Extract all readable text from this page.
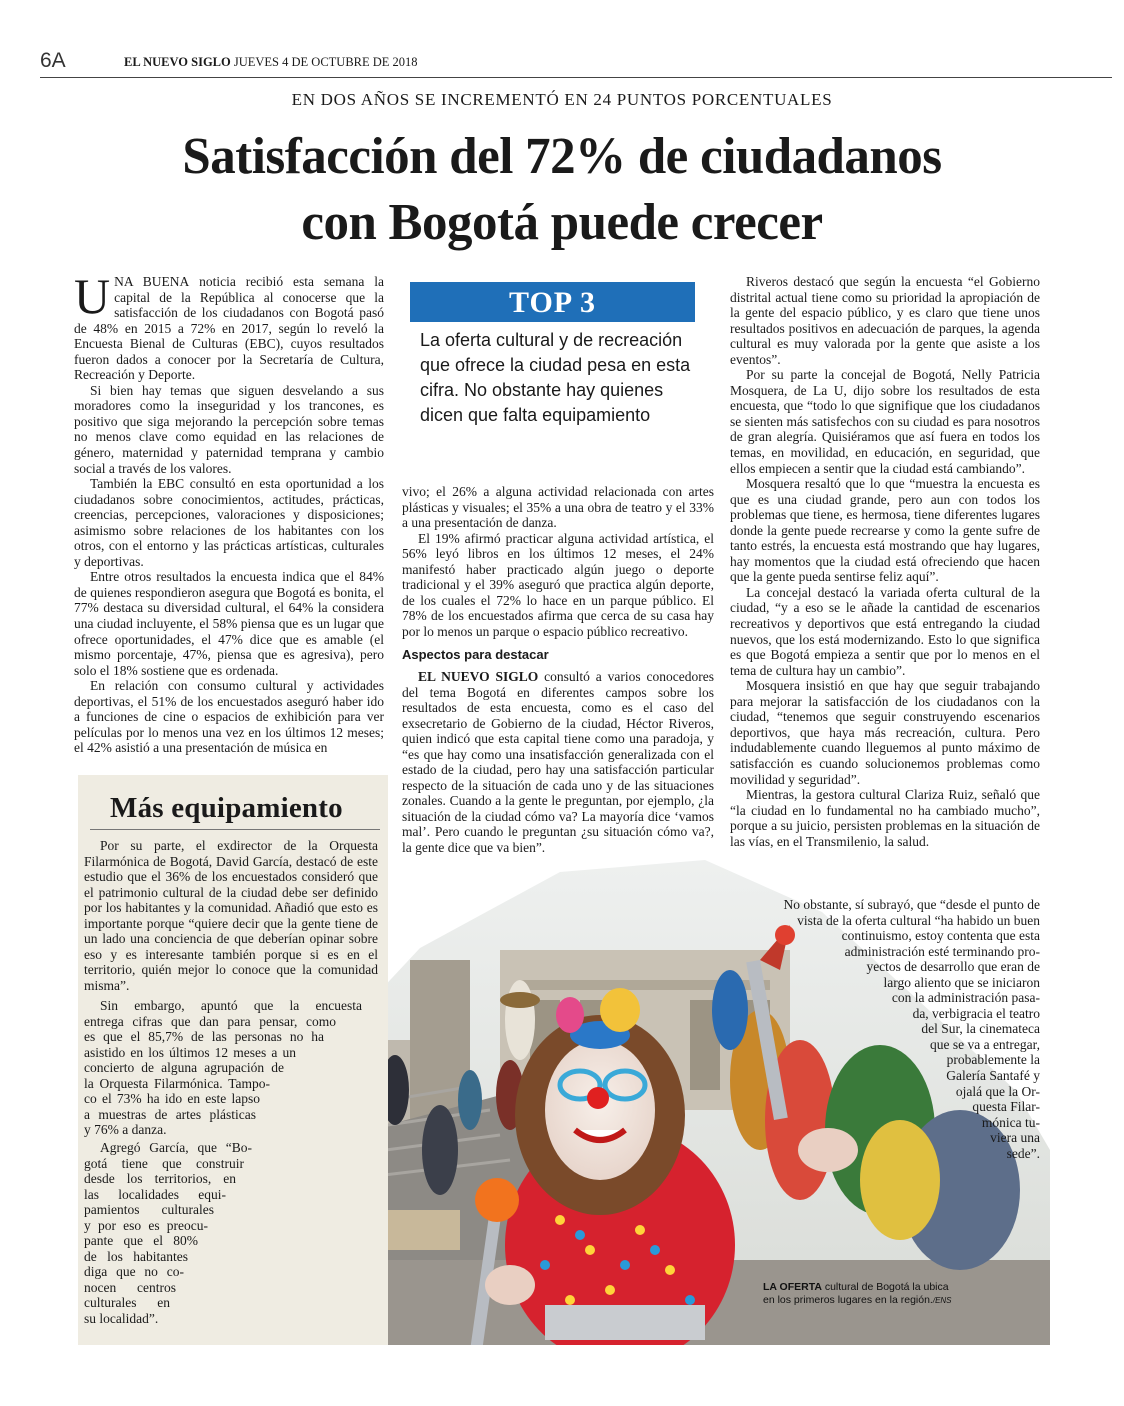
6A	EL NUEVO SIGLO JUEVES 4 DE OCTUBRE DE 2018
EN DOS AÑOS SE INCREMENTÓ EN 24 PUNTOS PORCENTUALES
Satisfacción del 72% de ciudadanos
con Bogotá puede crecer
Más equipamiento

UNA BUENA noticia recibió esta semana la capital de la República al conocerse que la satisfacción de los ciudadanos con Bogotá pasó de 48% en 2015 a 72% en 2017, según lo reveló la Encuesta Bienal de Culturas (EBC), cuyos resultados fueron dados a conocer por la Secretaría de Cultura, Recreación y Deporte.

Si bien hay temas que siguen desvelando a sus moradores como la inseguridad y los trancones, es positivo que siga mejorando la percepción sobre temas no menos clave como equidad en las relaciones de género, maternidad y paternidad temprana y cambio social a través de los valores.

También la EBC consultó en esta oportunidad a los ciudadanos sobre conocimientos, actitudes, prácticas, creencias, percepciones, valoraciones y disposiciones; asimismo sobre relaciones de los habitantes con los otros, con el entorno y las prácticas artísticas, culturales y deportivas.

Entre otros resultados la encuesta indica que el 84% de quienes respondieron asegura que Bogotá es bonita, el 77% destaca su diversidad cultural, el 64% la considera una ciudad incluyente, el 58% piensa que es un lugar que ofrece oportunidades, el 47% dice que es amable (el mismo porcentaje, 47%, piensa que es agresiva), pero solo el 18% sostiene que es ordenada.

En relación con consumo cultural y actividades deportivas, el 51% de los encuestados aseguró haber ido a funciones de cine o espacios de exhibición para ver películas por lo menos una vez en los últimos 12 meses; el 42% asistió a una presentación de música en

TOP 3
La oferta cultural y de recreación que ofrece la ciudad pesa en esta cifra. No obstante hay quienes dicen que falta equipamiento

vivo; el 26% a alguna actividad relacionada con artes plásticas y visuales; el 35% a una obra de teatro y el 33% a una presentación de danza.

El 19% afirmó practicar alguna actividad artística, el 56% leyó libros en los últimos 12 meses, el 24% manifestó haber practicado algún juego o deporte tradicional y el 39% aseguró que practica algún deporte, de los cuales el 72% lo hace en un parque público. El 78% de los encuestados afirma que cerca de su casa hay por lo menos un parque o espacio público recreativo.

Aspectos para destacar

EL NUEVO SIGLO consultó a varios conocedores del tema Bogotá en diferentes campos sobre los resultados de esta encuesta, como es el caso del exsecretario de Gobierno de la ciudad, Héctor Riveros, quien indicó que esta capital tiene como una paradoja, y “es que hay como una insatisfacción generalizada con el estado de la ciudad, pero hay una satisfacción particular respecto de la situación de cada uno y de las situaciones zonales. Cuando a la gente le preguntan, por ejemplo, ¿la situación de la ciudad cómo va? La mayoría dice ‘vamos mal’. Pero cuando le preguntan ¿su situación cómo va?, la gente dice que va bien”.

Riveros destacó que según la encuesta “el Gobierno distrital actual tiene como su prioridad la apropiación de la gente del espacio público, y es claro que tiene unos resultados positivos en adecuación de parques, la agenda cultural es muy valorada por la gente que asiste a los eventos”.

Por su parte la concejal de Bogotá, Nelly Patricia Mosquera, de La U, dijo sobre los resultados de esta encuesta, que “todo lo que signifique que los ciudadanos se sienten más satisfechos con su ciudad es para nosotros de gran alegría. Quisiéramos que así fuera en todos los temas, en movilidad, en educación, en seguridad, que ellos empiecen a sentir que la ciudad está cambiando”.

Mosquera resaltó que lo que “muestra la encuesta es que es una ciudad grande, pero aun con todos los problemas que tiene, es hermosa, tiene diferentes lugares donde la gente puede recrearse y como la gente sufre de tanto estrés, la encuesta está mostrando que hay lugares, hay momentos que la ciudad está ofreciendo que hacen que la gente pueda sentirse feliz aquí”.

La concejal destacó la variada oferta cultural de la ciudad, “y a eso se le añade la cantidad de escenarios recreativos y deportivos que está entregando la ciudad nuevos, que los está modernizando. Esto lo que significa es que Bogotá empieza a sentir que por lo menos en el tema de cultura hay un cambio”.

Mosquera insistió en que hay que seguir trabajando para mejorar la satisfacción de los ciudadanos con la ciudad, “tenemos que seguir construyendo escenarios deportivos, que haya más recreación, cultura. Pero indudablemente cuando lleguemos al punto máximo de satisfacción es cuando solucionemos problemas como movilidad y seguridad”.

Mientras, la gestora cultural Clariza Ruiz, señaló que “la ciudad en lo fundamental no ha cambiado mucho”, porque a su juicio, persisten problemas en la situación de las vías, en el Transmilenio, la salud.

No obstante, sí subrayó, que “desde el punto de
vista de la oferta cultural “ha habido un buen
continuismo, estoy contenta que esta
administración esté terminando pro-
yectos de desarrollo que eran de
largo aliento que se iniciaron
con la administración pasa-
da, verbigracia el teatro
del Sur, la cinemateca
que se va a entregar,
probablemente la
Galería Santafé y
ojalá que la Or-
questa Filar-
mónica tu-
viera una
sede”.

Por su parte, el exdirector de la Orquesta Filarmónica de Bogotá, David García, destacó de este estudio que el 36% de los encuestados consideró que el patrimonio cultural de la ciudad debe ser definido por los habitantes y la comunidad. Añadió que esto es importante porque “quiere decir que la gente tiene de un lado una conciencia de que deberían opinar sobre eso y es interesante también porque si es en el territorio, quién mejor lo conoce que la comunidad misma”.

Sin embargo, apuntó que la encuesta
entrega cifras que dan para pensar, como
es que el 85,7% de las personas no ha
asistido en los últimos 12 meses a un
concierto de alguna agrupación de
la Orquesta Filarmónica. Tampo-
co el 73% ha ido en este lapso
a muestras de artes plásticas
y 76% a danza.
Agregó García, que “Bo-
gotá tiene que construir
desde los territorios, en
las localidades equi-
pamientos culturales
y por eso es preocu-
pante que el 80%
de los habitantes
diga que no co-
nocen centros
culturales en
su localidad”.
LA OFERTA cultural de Bogotá la ubica en los primeros lugares en la región./ENS
